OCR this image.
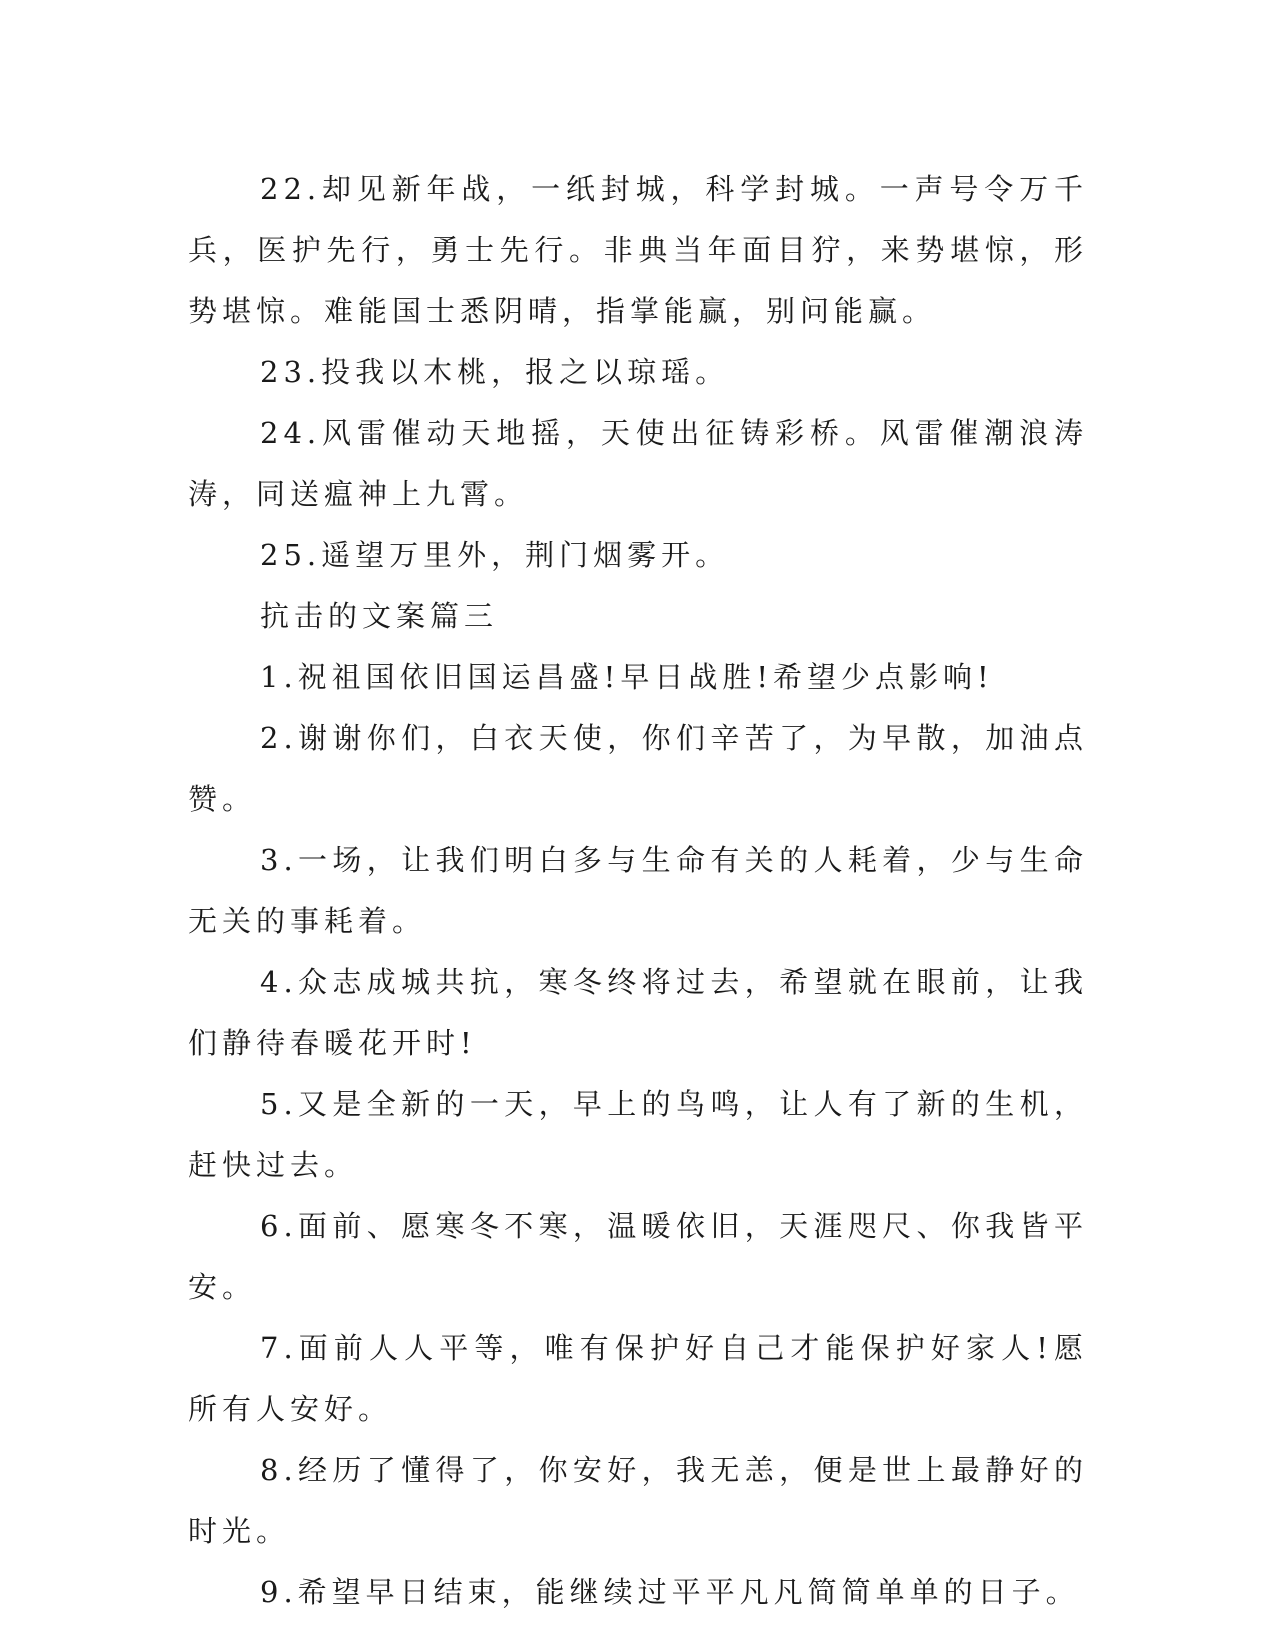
22.却见新年战，一纸封城，科学封城。一声号令万千兵，医护先行，勇士先行。非典当年面目狞，来势堪惊，形势堪惊。难能国士悉阴晴，指掌能赢，别问能赢。

23.投我以木桃，报之以琼瑶。

24.风雷催动天地摇，天使出征铸彩桥。风雷催潮浪涛涛，同送瘟神上九霄。

25.遥望万里外，荆门烟雾开。

抗击的文案篇三

1.祝祖国依旧国运昌盛!早日战胜!希望少点影响!

2.谢谢你们，白衣天使，你们辛苦了，为早散，加油点赞。

3.一场，让我们明白多与生命有关的人耗着，少与生命无关的事耗着。

4.众志成城共抗，寒冬终将过去，希望就在眼前，让我们静待春暖花开时!

5.又是全新的一天，早上的鸟鸣，让人有了新的生机，赶快过去。

6.面前、愿寒冬不寒，温暖依旧，天涯咫尺、你我皆平安。

7.面前人人平等，唯有保护好自己才能保护好家人!愿所有人安好。

8.经历了懂得了，你安好，我无恙，便是世上最静好的时光。

9.希望早日结束，能继续过平平凡凡简简单单的日子。
